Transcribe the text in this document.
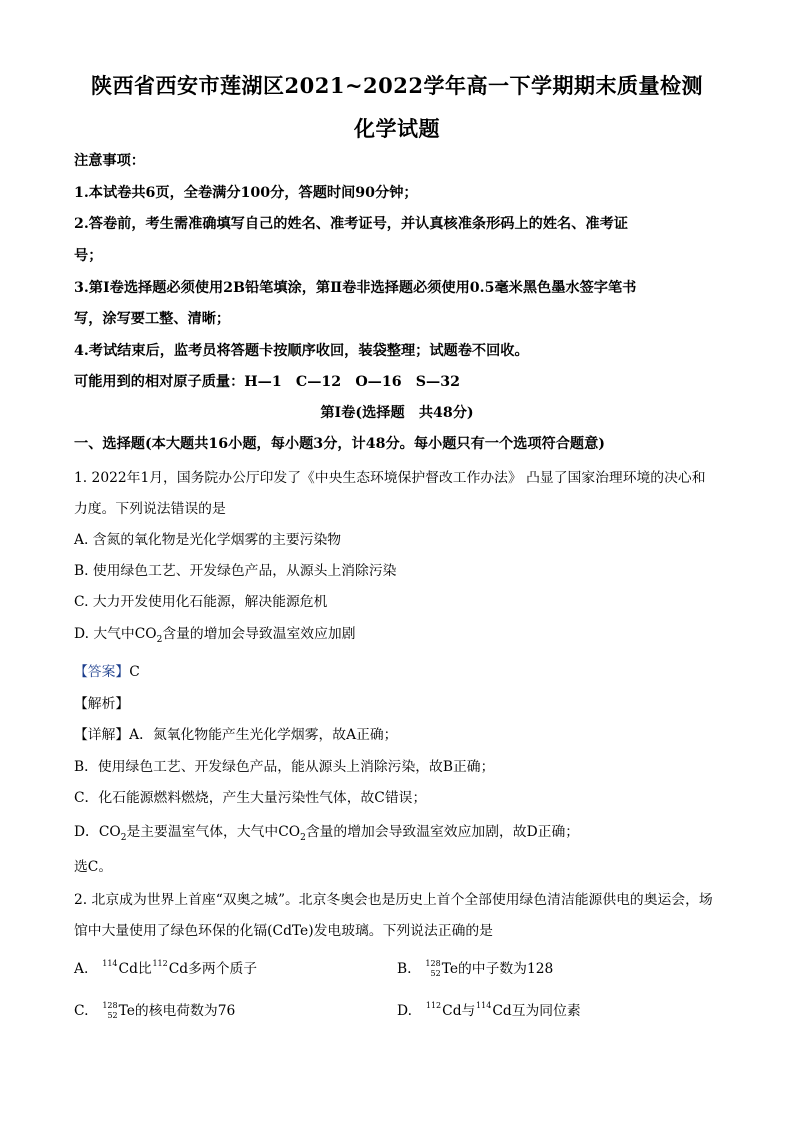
陕西省西安市莲湖区2021~2022学年高一下学期期末质量检测
化学试题
注意事项：
1.本试卷共6页，全卷满分100分，答题时间90分钟；
2.答卷前，考生需准确填写自己的姓名、准考证号，并认真核准条形码上的姓名、准考证
号；
3.第Ⅰ卷选择题必须使用2B铅笔填涂，第Ⅱ卷非选择题必须使用0.5毫米黑色墨水签字笔书
写，涂写要工整、清晰；
4.考试结束后，监考员将答题卡按顺序收回，装袋整理；试题卷不回收。
可能用到的相对原子质量：H—1　C—12　O—16　S—32
第Ⅰ卷(选择题　共48分)
一、选择题(本大题共16小题，每小题3分，计48分。每小题只有一个选项符合题意)
1. 2022年1月，国务院办公厅印发了《中央生态环境保护督改工作办法》 凸显了国家治理环境的决心和
力度。下列说法错误的是
A. 含氮的氧化物是光化学烟雾的主要污染物
B. 使用绿色工艺、开发绿色产品，从源头上消除污染
C. 大力开发使用化石能源，解决能源危机
D. 大气中$CO_2$含量的增加会导致温室效应加剧
【答案】C
【解析】
【详解】A．氮氧化物能产生光化学烟雾，故A正确；
B．使用绿色工艺、开发绿色产品，能从源头上消除污染，故B正确；
C．化石能源燃料燃烧，产生大量污染性气体，故C错误；
D．$CO_2$是主要温室气体，大气中$CO_2$含量的增加会导致温室效应加剧，故D正确；
选C。
2. 北京成为世界上首座“双奥之城”。北京冬奥会也是历史上首个全部使用绿色清洁能源供电的奥运会，场
馆中大量使用了绿色环保的化镉(CdTe)发电玻璃。下列说法正确的是
A. 114 Cd比 112 Cd多两个质子	B. 128
52 Te的中子数为128
C. 128
52 Te的核电荷数为76	D. 112 Cd与 114 Cd互为同位素
